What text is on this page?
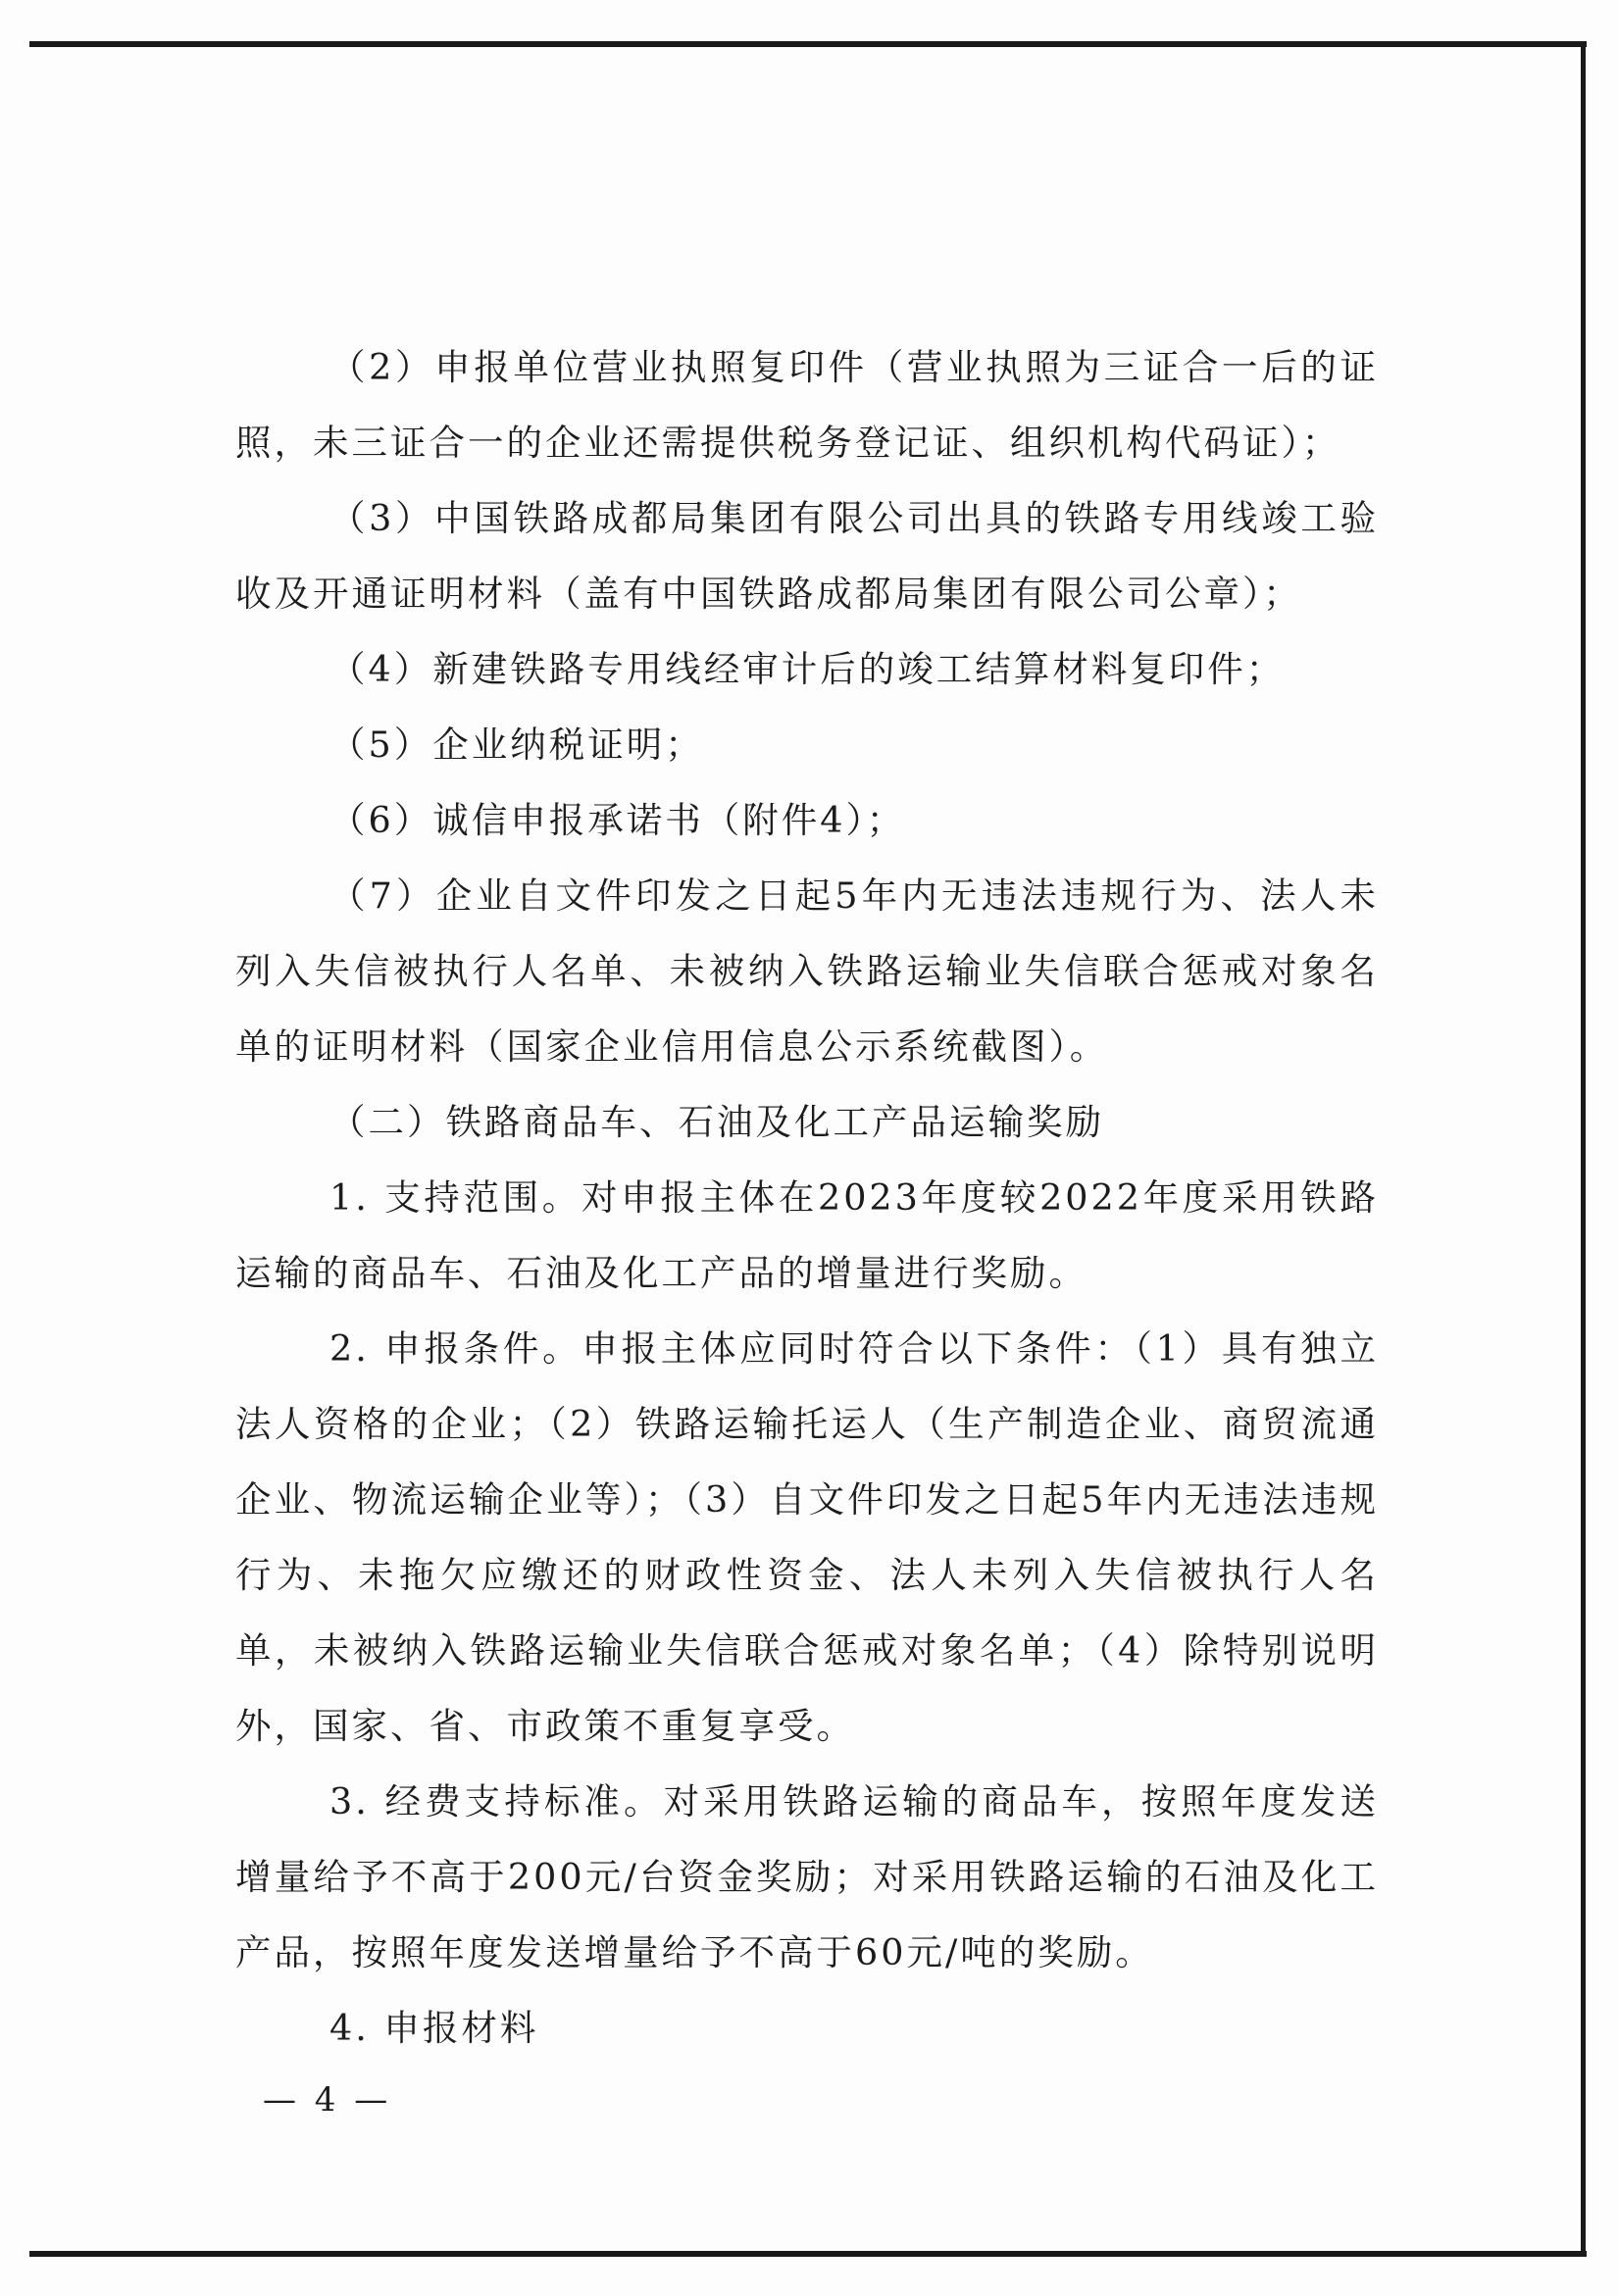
（2）申报单位营业执照复印件（营业执照为三证合一后的证照，未三证合一的企业还需提供税务登记证、组织机构代码证）；

（3）中国铁路成都局集团有限公司出具的铁路专用线竣工验收及开通证明材料（盖有中国铁路成都局集团有限公司公章）；

（4）新建铁路专用线经审计后的竣工结算材料复印件；

（5）企业纳税证明；

（6）诚信申报承诺书（附件4）；

（7）企业自文件印发之日起5年内无违法违规行为、法人未列入失信被执行人名单、未被纳入铁路运输业失信联合惩戒对象名单的证明材料（国家企业信用信息公示系统截图）。

（二）铁路商品车、石油及化工产品运输奖励

1. 支持范围。对申报主体在2023年度较2022年度采用铁路运输的商品车、石油及化工产品的增量进行奖励。

2. 申报条件。申报主体应同时符合以下条件：（1）具有独立法人资格的企业；（2）铁路运输托运人（生产制造企业、商贸流通企业、物流运输企业等）；（3）自文件印发之日起5年内无违法违规行为、未拖欠应缴还的财政性资金、法人未列入失信被执行人名单，未被纳入铁路运输业失信联合惩戒对象名单；（4）除特别说明外，国家、省、市政策不重复享受。

3. 经费支持标准。对采用铁路运输的商品车，按照年度发送增量给予不高于200元/台资金奖励；对采用铁路运输的石油及化工产品，按照年度发送增量给予不高于60元/吨的奖励。

4. 申报材料

— 4 —
